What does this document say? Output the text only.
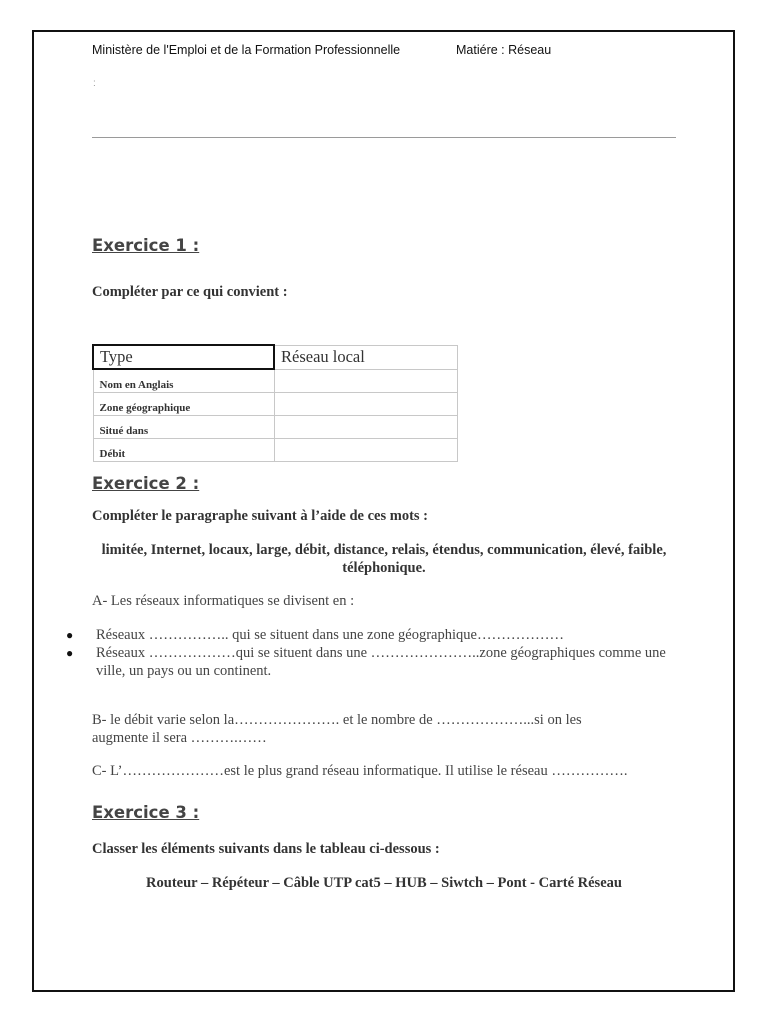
Ministère de l'Emploi et de la Formation Professionnelle	Matiére : Réseau
:
Exercice 1 :
Compléter par ce qui convient :
Type	Réseau local
Nom en Anglais	
Zone géographique	
Situé dans	
Débit	
Exercice 2 :
Compléter le paragraphe suivant à l’aide de ces mots :
limitée, Internet, locaux, large, débit, distance, relais, étendus, communication, élevé, faible, téléphonique.
A- Les réseaux informatiques se divisent en :
● Réseaux …………….. qui se situent dans une zone géographique………………
● Réseaux ………………qui se situent dans une …………………..zone géographiques comme une ville, un pays ou un continent.
B- le débit varie selon la…………………. et le nombre de ………………...si on les
augmente il sera ……….……
C- L’…………………est le plus grand réseau informatique. Il utilise le réseau …………….
Exercice 3 :
Classer les éléments suivants dans le tableau ci-dessous :
Routeur – Répéteur – Câble UTP cat5 – HUB – Siwtch – Pont - Carté Réseau
